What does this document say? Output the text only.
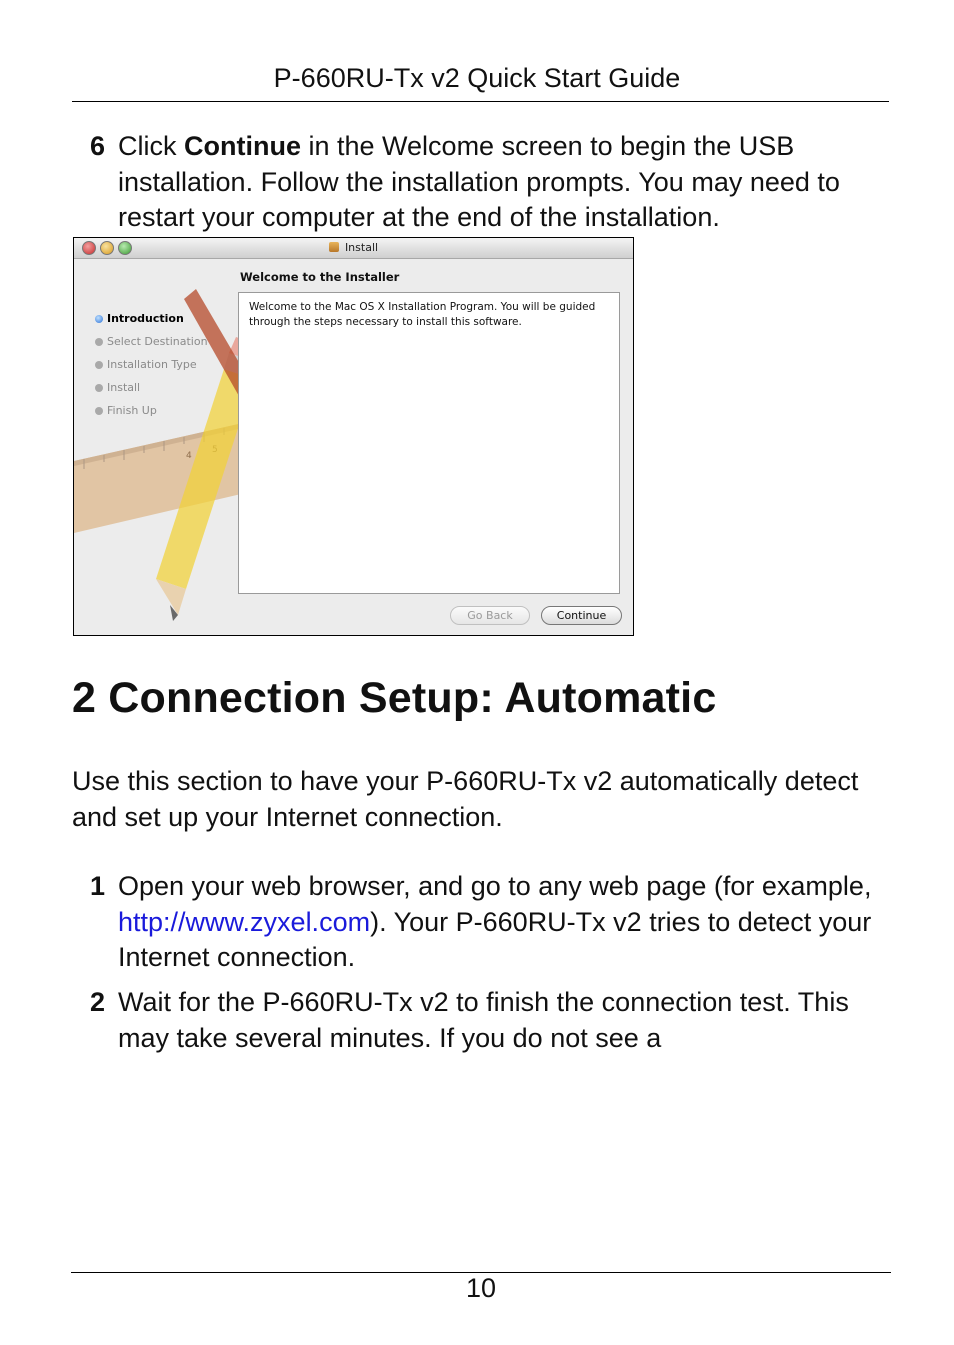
P-660RU-Tx v2 Quick Start Guide
6 Click Continue in the Welcome screen to begin the USB installation. Follow the installation prompts. You may need to restart your computer at the end of the installation.
Install
4
Introduction
Select Destination
Installation Type
Install
Finish Up
Welcome to the Installer
Welcome to the Mac OS X Installation Program. You will be guided through the steps necessary to install this software.
Go Back	Continue
2 Connection Setup: Automatic
Use this section to have your P-660RU-Tx v2 automatically detect and set up your Internet connection.
1 Open your web browser, and go to any web page (for example, http://www.zyxel.com). Your P-660RU-Tx v2 tries to detect your Internet connection.
2 Wait for the P-660RU-Tx v2 to finish the connection test. This may take several minutes. If you do not see a
10
